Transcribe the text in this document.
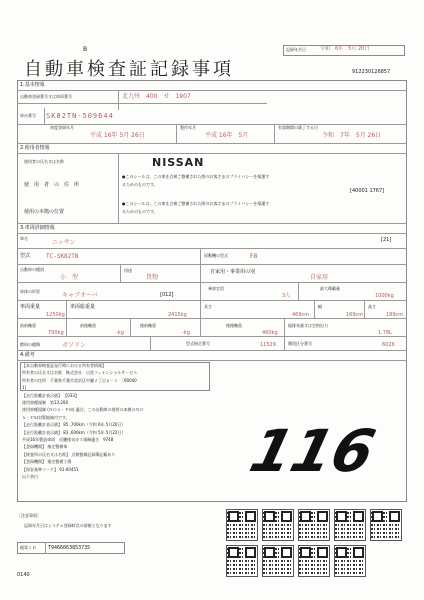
B	記録年月日	令和　6年　5月 20日
自動車検査証記録事項	912230126857
1.基本情報
自動車登録番号又は車両番号	北九州　400　せ　1907
車台番号 SK82TN-509644
初度登録年月
平成 16年 5月 26日
製作年月
平成 16年　5月
有効期間の満了する日
令和　7年　5月 26日
2.使用者情報
使用者の氏名又は名称
使　用　者　の　住　所
使用の本拠の位置
NISSAN
●このシールは、この車を点検ご整備された際のお客さまのプライバシーを保護するためのものです。
●このシールは、この車を点検ご整備された際のお客さまのプライバシーを保護するためのものです。
[40001 1767]
3.車両詳細情報
[21]
車名
ニッサン
型式	TC-SK82TN	原動機の型式	F8
自動車の種別
小　型
用途
貨物
自家用・事業用の別
自家用
車体の形状
キャブオーバ	[012]
乗車定員
3人
最大積載量
1000kg
車両重量
1250kg
車両総重量
2415kg
長さ
469cm
幅
169cm
高さ
189cm
前前軸重
790kg
前後軸重
-kg
後前軸重
-kg
後後軸重
460kg
総排気量又は定格出力
1.78L
燃料の種類	ガソリン	型式指定番号	11529	類別区分番号	6026
4.備考
【本自動車検査証発行時における所有者情報】
所有者の氏名又は名称　株式会社　日産フィナンシャルサービス
所有者の住所　千葉県千葉市美浜区中瀬２丁目６－１　［90040
1]
【走行距離計表示値】 【033】
使用車種規制　第13.200
使用車種規制 (ＮＯｘ・ＰＭ) 適合、この自動車の使用の本拠のＮＯ
ｘ・ＰＭ対策地域内です。
【走行距離計表示値】 85 ,700km（令和 6年 5月20日）
【走行距離計表示値】 83 ,600km（令和 5年 5月22日）
平成16年製造車両　近畿排気ガス規制適合　9748
【登録機関】 指定整備車
【検査所の氏名又は名称】 点検整備記録簿記載あり
【登録機関】 指定整備工場
【保安基準コード】 91-00451
以下余白	116
［注意事項］
記録年月日はシステム登録時点の情報となります
帳票ＩＤ T9466063853735
0140
